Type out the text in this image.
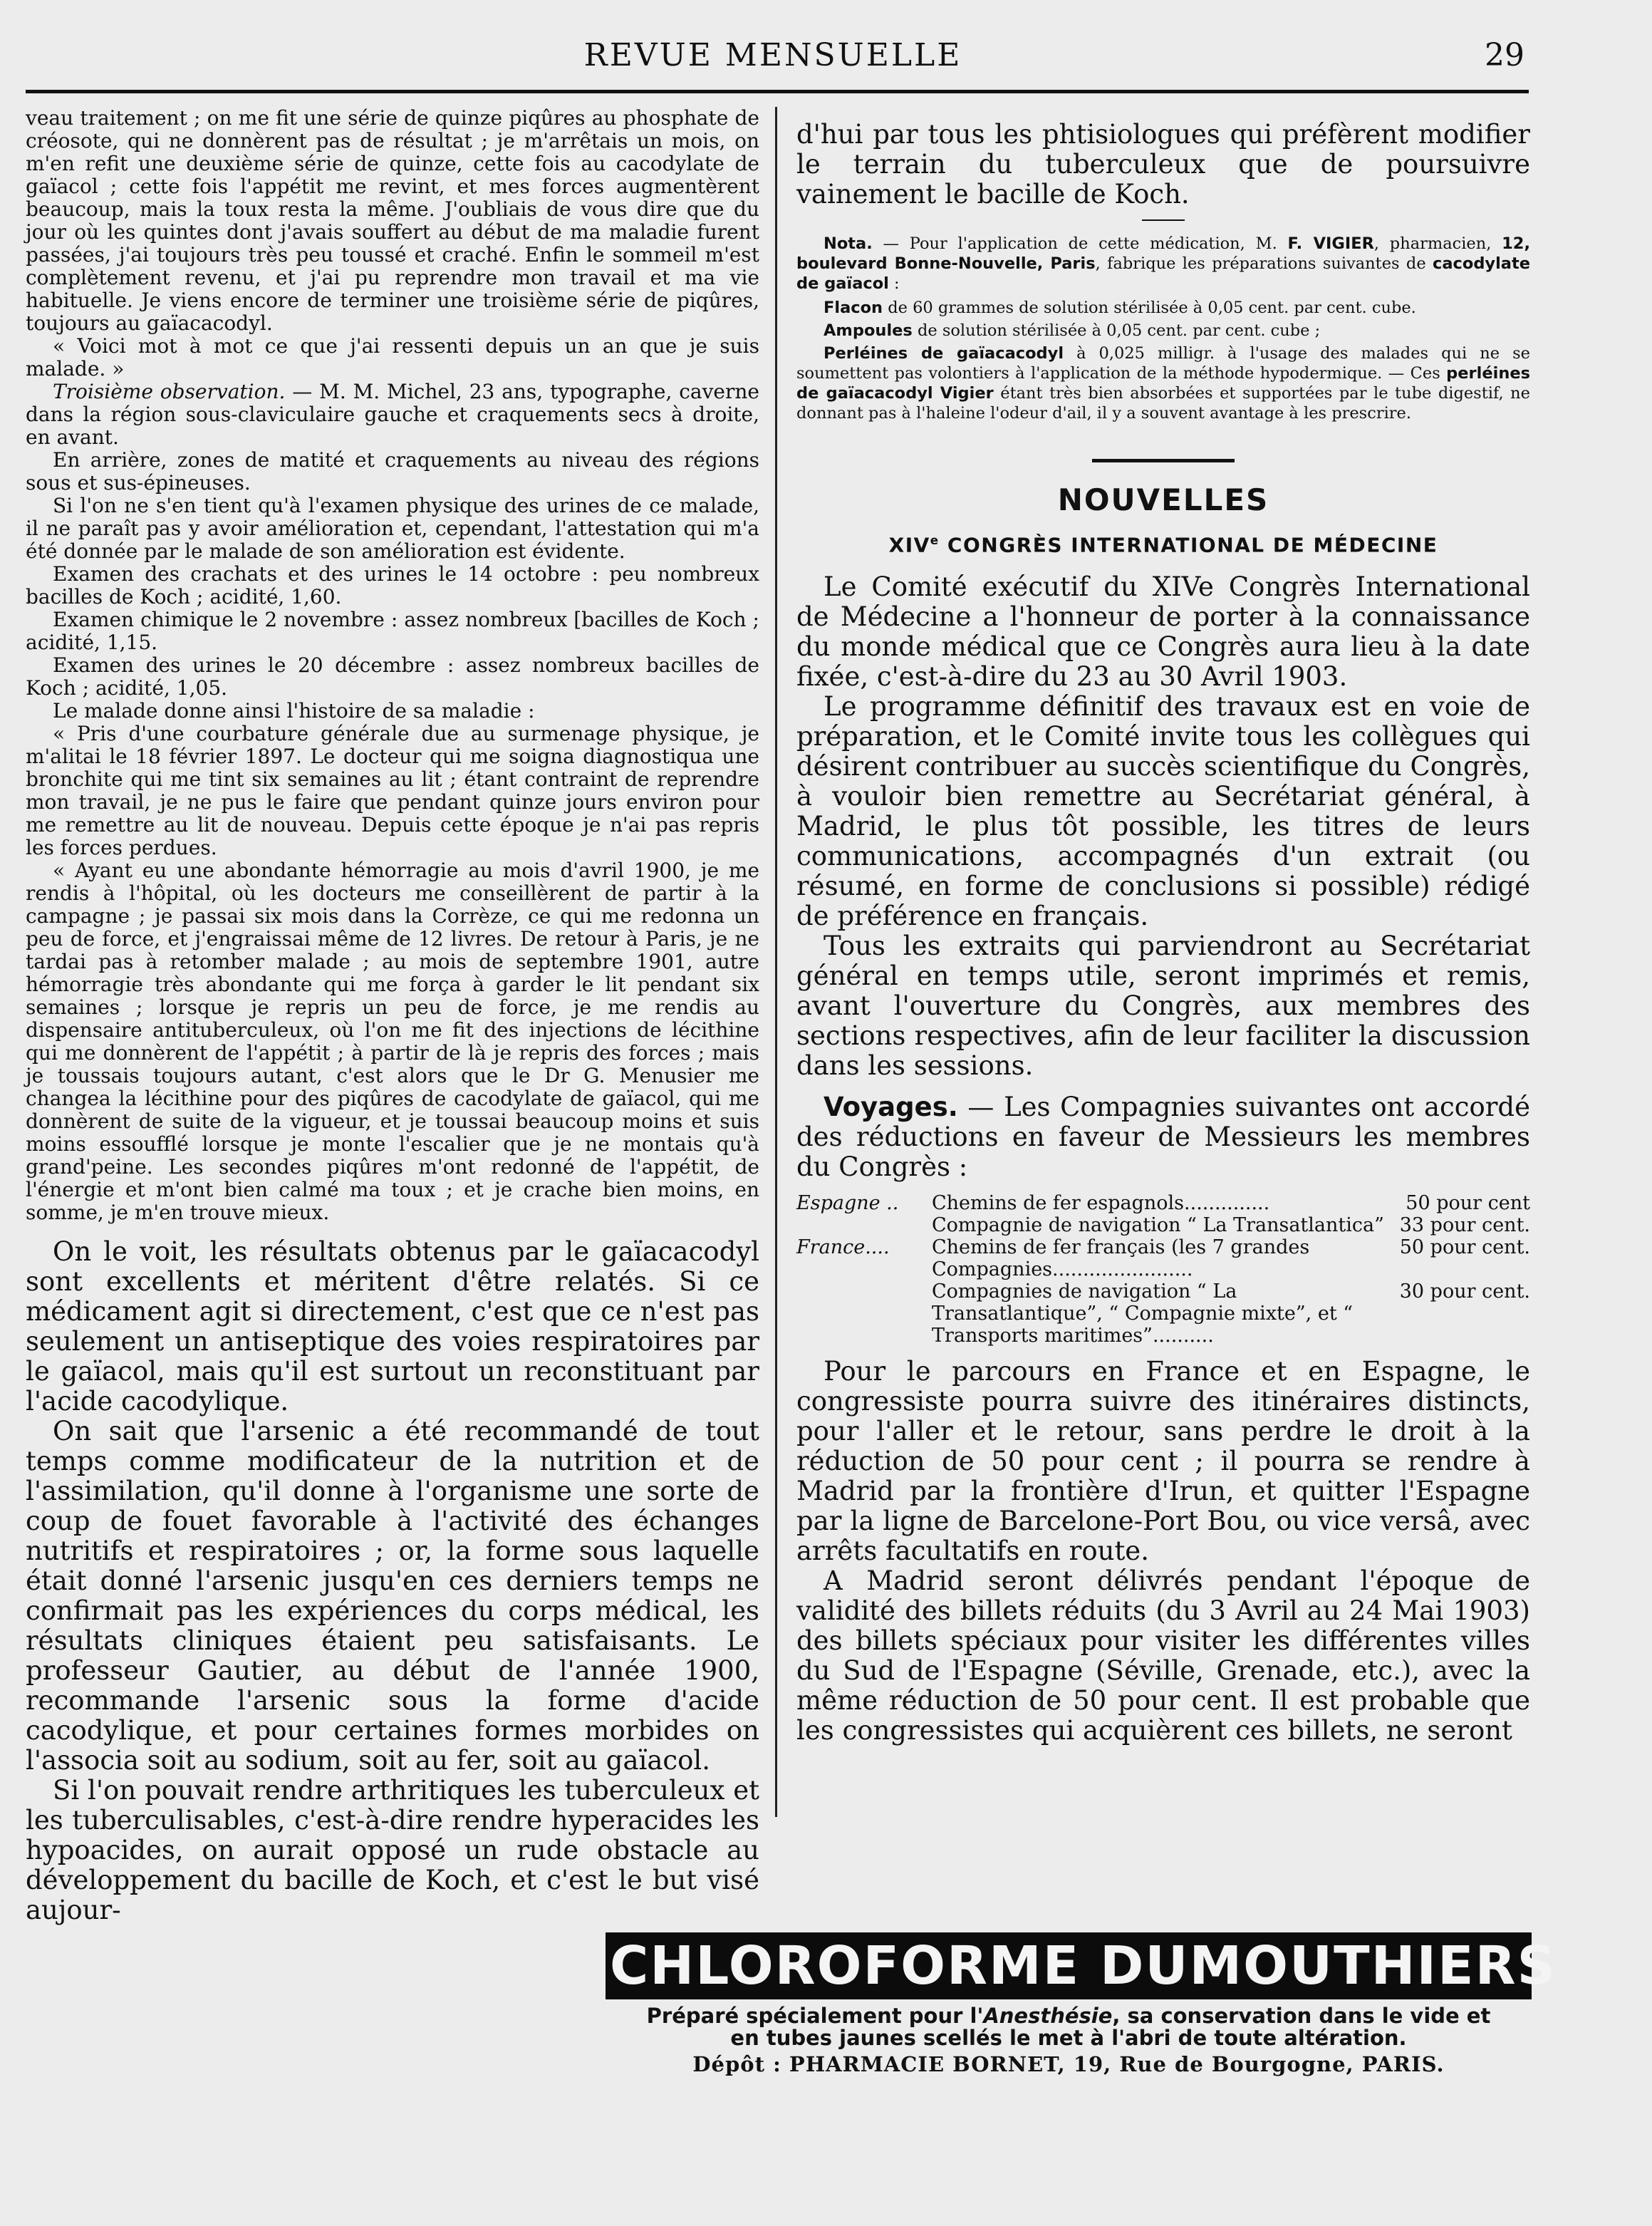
REVUE MENSUELLE	29

veau traitement ; on me fit une série de quinze piqûres au phosphate de créosote, qui ne donnèrent pas de résultat ; je m'arrêtais un mois, on m'en refit une deuxième série de quinze, cette fois au cacodylate de gaïacol ; cette fois l'appétit me revint, et mes forces augmentèrent beaucoup, mais la toux resta la même. J'oubliais de vous dire que du jour où les quintes dont j'avais souffert au début de ma maladie furent passées, j'ai toujours très peu toussé et craché. Enfin le sommeil m'est complètement revenu, et j'ai pu reprendre mon travail et ma vie habituelle. Je viens encore de terminer une troisième série de piqûres, toujours au gaïacacodyl.

« Voici mot à mot ce que j'ai ressenti depuis un an que je suis malade. »

Troisième observation. — M. M. Michel, 23 ans, typographe, caverne dans la région sous-claviculaire gauche et craquements secs à droite, en avant.

En arrière, zones de matité et craquements au niveau des régions sous et sus-épineuses.

Si l'on ne s'en tient qu'à l'examen physique des urines de ce malade, il ne paraît pas y avoir amélioration et, cependant, l'attestation qui m'a été donnée par le malade de son amélioration est évidente.

Examen des crachats et des urines le 14 octobre : peu nombreux bacilles de Koch ; acidité, 1,60.

Examen chimique le 2 novembre : assez nombreux [bacilles de Koch ; acidité, 1,15.

Examen des urines le 20 décembre : assez nombreux bacilles de Koch ; acidité, 1,05.

Le malade donne ainsi l'histoire de sa maladie :

« Pris d'une courbature générale due au surmenage physique, je m'alitai le 18 février 1897. Le docteur qui me soigna diagnostiqua une bronchite qui me tint six semaines au lit ; étant contraint de reprendre mon travail, je ne pus le faire que pendant quinze jours environ pour me remettre au lit de nouveau. Depuis cette époque je n'ai pas repris les forces perdues.

« Ayant eu une abondante hémorragie au mois d'avril 1900, je me rendis à l'hôpital, où les docteurs me conseillèrent de partir à la campagne ; je passai six mois dans la Corrèze, ce qui me redonna un peu de force, et j'engraissai même de 12 livres. De retour à Paris, je ne tardai pas à retomber malade ; au mois de septembre 1901, autre hémorragie très abondante qui me força à garder le lit pendant six semaines ; lorsque je repris un peu de force, je me rendis au dispensaire antituberculeux, où l'on me fit des injections de lécithine qui me donnèrent de l'appétit ; à partir de là je repris des forces ; mais je toussais toujours autant, c'est alors que le Dr G. Menusier me changea la lécithine pour des piqûres de cacodylate de gaïacol, qui me donnèrent de suite de la vigueur, et je toussai beaucoup moins et suis moins essoufflé lorsque je monte l'escalier que je ne montais qu'à grand'peine. Les secondes piqûres m'ont redonné de l'appétit, de l'énergie et m'ont bien calmé ma toux ; et je crache bien moins, en somme, je m'en trouve mieux.

On le voit, les résultats obtenus par le gaïacacodyl sont excellents et méritent d'être relatés. Si ce médicament agit si directement, c'est que ce n'est pas seulement un antiseptique des voies respiratoires par le gaïacol, mais qu'il est surtout un reconstituant par l'acide cacodylique.

On sait que l'arsenic a été recommandé de tout temps comme modificateur de la nutrition et de l'assimilation, qu'il donne à l'organisme une sorte de coup de fouet favorable à l'activité des échanges nutritifs et respiratoires ; or, la forme sous laquelle était donné l'arsenic jusqu'en ces derniers temps ne confirmait pas les expériences du corps médical, les résultats cliniques étaient peu satisfaisants. Le professeur Gautier, au début de l'année 1900, recommande l'arsenic sous la forme d'acide cacodylique, et pour certaines formes morbides on l'associa soit au sodium, soit au fer, soit au gaïacol.

Si l'on pouvait rendre arthritiques les tuberculeux et les tuberculisables, c'est-à-dire rendre hyperacides les hypoacides, on aurait opposé un rude obstacle au développement du bacille de Koch, et c'est le but visé aujour-

d'hui par tous les phtisiologues qui préfèrent modifier le terrain du tuberculeux que de poursuivre vainement le bacille de Koch.

Nota. — Pour l'application de cette médication, M. F. VIGIER, pharmacien, 12, boulevard Bonne-Nouvelle, Paris, fabrique les préparations suivantes de cacodylate de gaïacol :

Flacon de 60 grammes de solution stérilisée à 0,05 cent. par cent. cube.

Ampoules de solution stérilisée à 0,05 cent. par cent. cube ;

Perléines de gaïacacodyl à 0,025 milligr. à l'usage des malades qui ne se soumettent pas volontiers à l'application de la méthode hypodermique. — Ces perléines de gaïacacodyl Vigier étant très bien absorbées et supportées par le tube digestif, ne donnant pas à l'haleine l'odeur d'ail, il y a souvent avantage à les prescrire.

NOUVELLES
XIVe CONGRÈS INTERNATIONAL DE MÉDECINE

Le Comité exécutif du XIVe Congrès International de Médecine a l'honneur de porter à la connaissance du monde médical que ce Congrès aura lieu à la date fixée, c'est-à-dire du 23 au 30 Avril 1903.

Le programme définitif des travaux est en voie de préparation, et le Comité invite tous les collègues qui désirent contribuer au succès scientifique du Congrès, à vouloir bien remettre au Secrétariat général, à Madrid, le plus tôt possible, les titres de leurs communications, accompagnés d'un extrait (ou résumé, en forme de conclusions si possible) rédigé de préférence en français.

Tous les extraits qui parviendront au Secrétariat général en temps utile, seront imprimés et remis, avant l'ouverture du Congrès, aux membres des sections respectives, afin de leur faciliter la discussion dans les sessions.

Voyages. — Les Compagnies suivantes ont accordé des réductions en faveur de Messieurs les membres du Congrès :

Espagne ..	Chemins de fer espagnols..............	50 pour cent
	Compagnie de navigation “ La Transatlantica”	33 pour cent.
France....	Chemins de fer français (les 7 grandes Compagnies.......................	50 pour cent.
	Compagnies de navigation “ La Transatlantique”, “ Compagnie mixte”, et “ Transports maritimes”..........	30 pour cent.

Pour le parcours en France et en Espagne, le congressiste pourra suivre des itinéraires distincts, pour l'aller et le retour, sans perdre le droit à la réduction de 50 pour cent ; il pourra se rendre à Madrid par la frontière d'Irun, et quitter l'Espagne par la ligne de Barcelone-Port Bou, ou vice versâ, avec arrêts facultatifs en route.

A Madrid seront délivrés pendant l'époque de validité des billets réduits (du 3 Avril au 24 Mai 1903) des billets spéciaux pour visiter les différentes villes du Sud de l'Espagne (Séville, Grenade, etc.), avec la même réduction de 50 pour cent. Il est probable que les congressistes qui acquièrent ces billets, ne seront

CHLOROFORME DUMOUTHIERS
Préparé spécialement pour l'Anesthésie, sa conservation dans le vide et
en tubes jaunes scellés le met à l'abri de toute altération.
Dépôt : PHARMACIE BORNET, 19, Rue de Bourgogne, PARIS.
